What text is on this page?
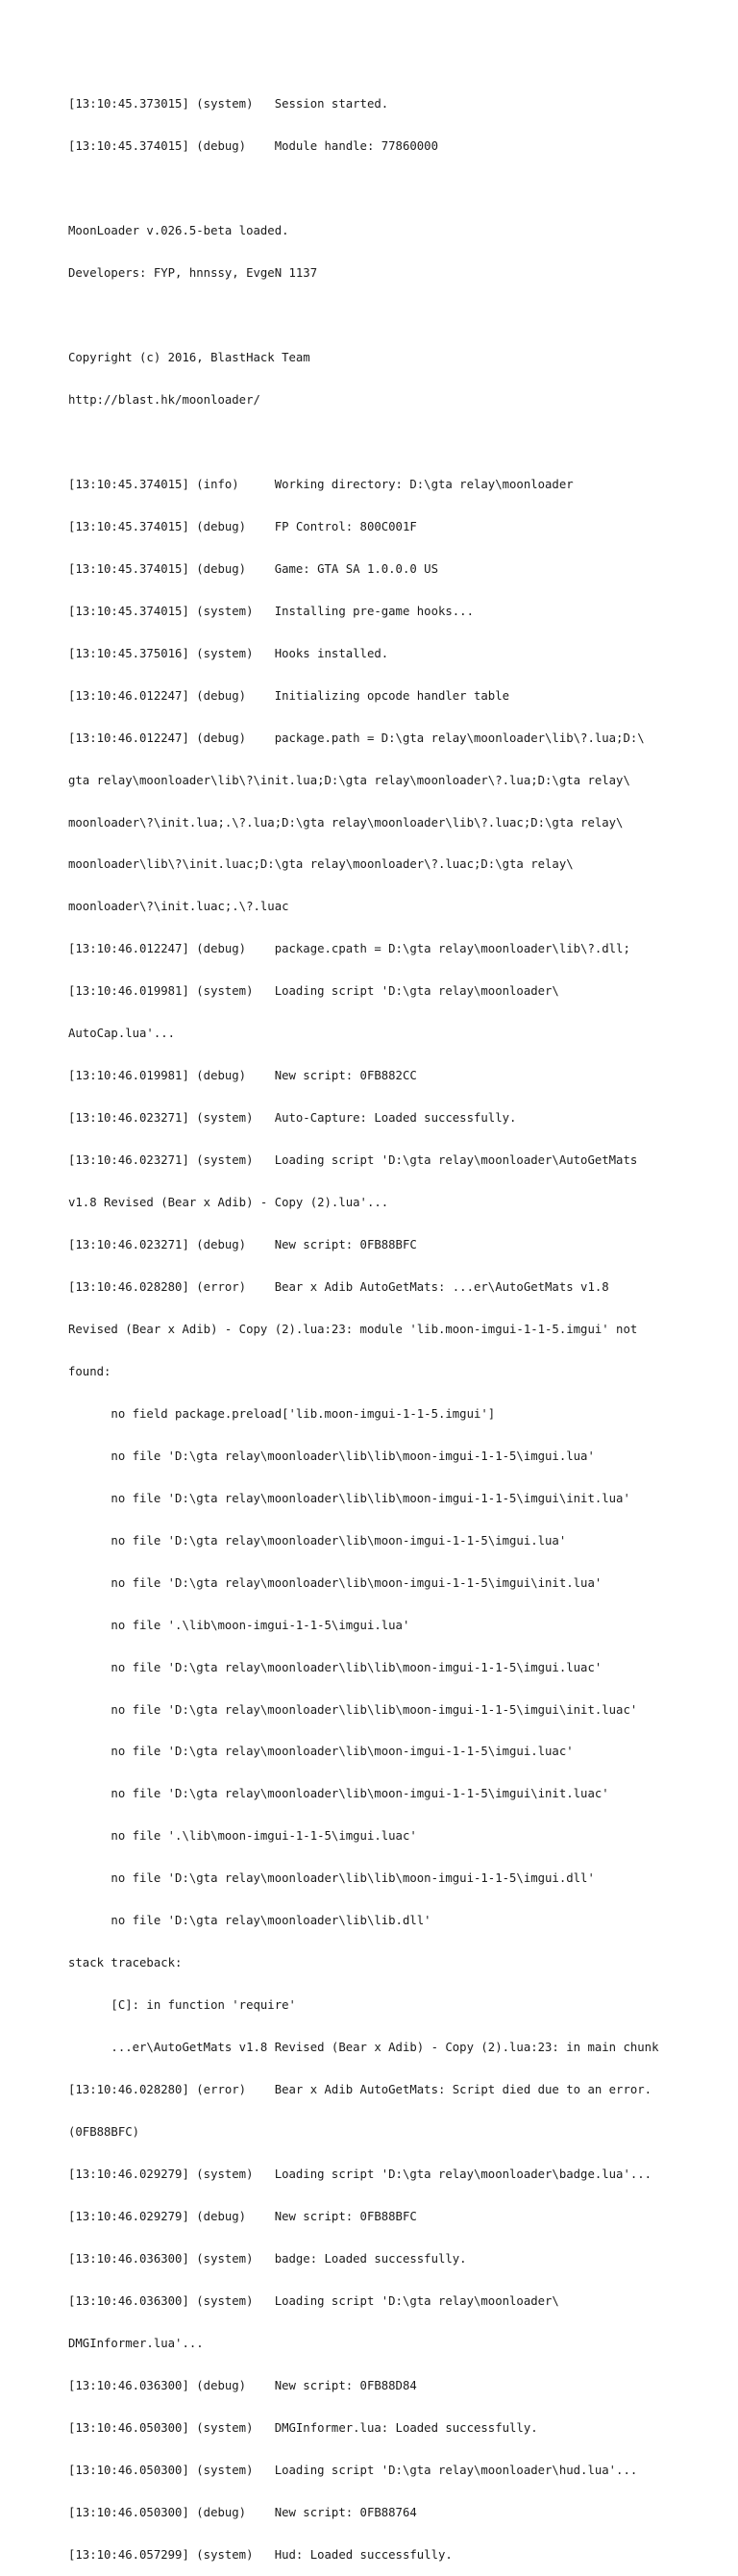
[13:10:45.373015] (system)   Session started.

[13:10:45.374015] (debug)    Module handle: 77860000

MoonLoader v.026.5-beta loaded.

Developers: FYP, hnnssy, EvgeN 1137

Copyright (c) 2016, BlastHack Team

http://blast.hk/moonloader/

[13:10:45.374015] (info)     Working directory: D:\gta relay\moonloader

[13:10:45.374015] (debug)    FP Control: 800C001F

[13:10:45.374015] (debug)    Game: GTA SA 1.0.0.0 US

[13:10:45.374015] (system)   Installing pre-game hooks...

[13:10:45.375016] (system)   Hooks installed.

[13:10:46.012247] (debug)    Initializing opcode handler table

[13:10:46.012247] (debug)    package.path = D:\gta relay\moonloader\lib\?.lua;D:\

gta relay\moonloader\lib\?\init.lua;D:\gta relay\moonloader\?.lua;D:\gta relay\

moonloader\?\init.lua;.\?.lua;D:\gta relay\moonloader\lib\?.luac;D:\gta relay\

moonloader\lib\?\init.luac;D:\gta relay\moonloader\?.luac;D:\gta relay\

moonloader\?\init.luac;.\?.luac

[13:10:46.012247] (debug)    package.cpath = D:\gta relay\moonloader\lib\?.dll;

[13:10:46.019981] (system)   Loading script 'D:\gta relay\moonloader\

AutoCap.lua'...

[13:10:46.019981] (debug)    New script: 0FB882CC

[13:10:46.023271] (system)   Auto-Capture: Loaded successfully.

[13:10:46.023271] (system)   Loading script 'D:\gta relay\moonloader\AutoGetMats

v1.8 Revised (Bear x Adib) - Copy (2).lua'...

[13:10:46.023271] (debug)    New script: 0FB88BFC

[13:10:46.028280] (error)    Bear x Adib AutoGetMats: ...er\AutoGetMats v1.8

Revised (Bear x Adib) - Copy (2).lua:23: module 'lib.moon-imgui-1-1-5.imgui' not

found:

no field package.preload['lib.moon-imgui-1-1-5.imgui']

no file 'D:\gta relay\moonloader\lib\lib\moon-imgui-1-1-5\imgui.lua'

no file 'D:\gta relay\moonloader\lib\lib\moon-imgui-1-1-5\imgui\init.lua'

no file 'D:\gta relay\moonloader\lib\moon-imgui-1-1-5\imgui.lua'

no file 'D:\gta relay\moonloader\lib\moon-imgui-1-1-5\imgui\init.lua'

no file '.\lib\moon-imgui-1-1-5\imgui.lua'

no file 'D:\gta relay\moonloader\lib\lib\moon-imgui-1-1-5\imgui.luac'

no file 'D:\gta relay\moonloader\lib\lib\moon-imgui-1-1-5\imgui\init.luac'

no file 'D:\gta relay\moonloader\lib\moon-imgui-1-1-5\imgui.luac'

no file 'D:\gta relay\moonloader\lib\moon-imgui-1-1-5\imgui\init.luac'

no file '.\lib\moon-imgui-1-1-5\imgui.luac'

no file 'D:\gta relay\moonloader\lib\lib\moon-imgui-1-1-5\imgui.dll'

no file 'D:\gta relay\moonloader\lib\lib.dll'

stack traceback:

[C]: in function 'require'

...er\AutoGetMats v1.8 Revised (Bear x Adib) - Copy (2).lua:23: in main chunk

[13:10:46.028280] (error)    Bear x Adib AutoGetMats: Script died due to an error.

(0FB88BFC)

[13:10:46.029279] (system)   Loading script 'D:\gta relay\moonloader\badge.lua'...

[13:10:46.029279] (debug)    New script: 0FB88BFC

[13:10:46.036300] (system)   badge: Loaded successfully.

[13:10:46.036300] (system)   Loading script 'D:\gta relay\moonloader\

DMGInformer.lua'...

[13:10:46.036300] (debug)    New script: 0FB88D84

[13:10:46.050300] (system)   DMGInformer.lua: Loaded successfully.

[13:10:46.050300] (system)   Loading script 'D:\gta relay\moonloader\hud.lua'...

[13:10:46.050300] (debug)    New script: 0FB88764

[13:10:46.057299] (system)   Hud: Loaded successfully.
